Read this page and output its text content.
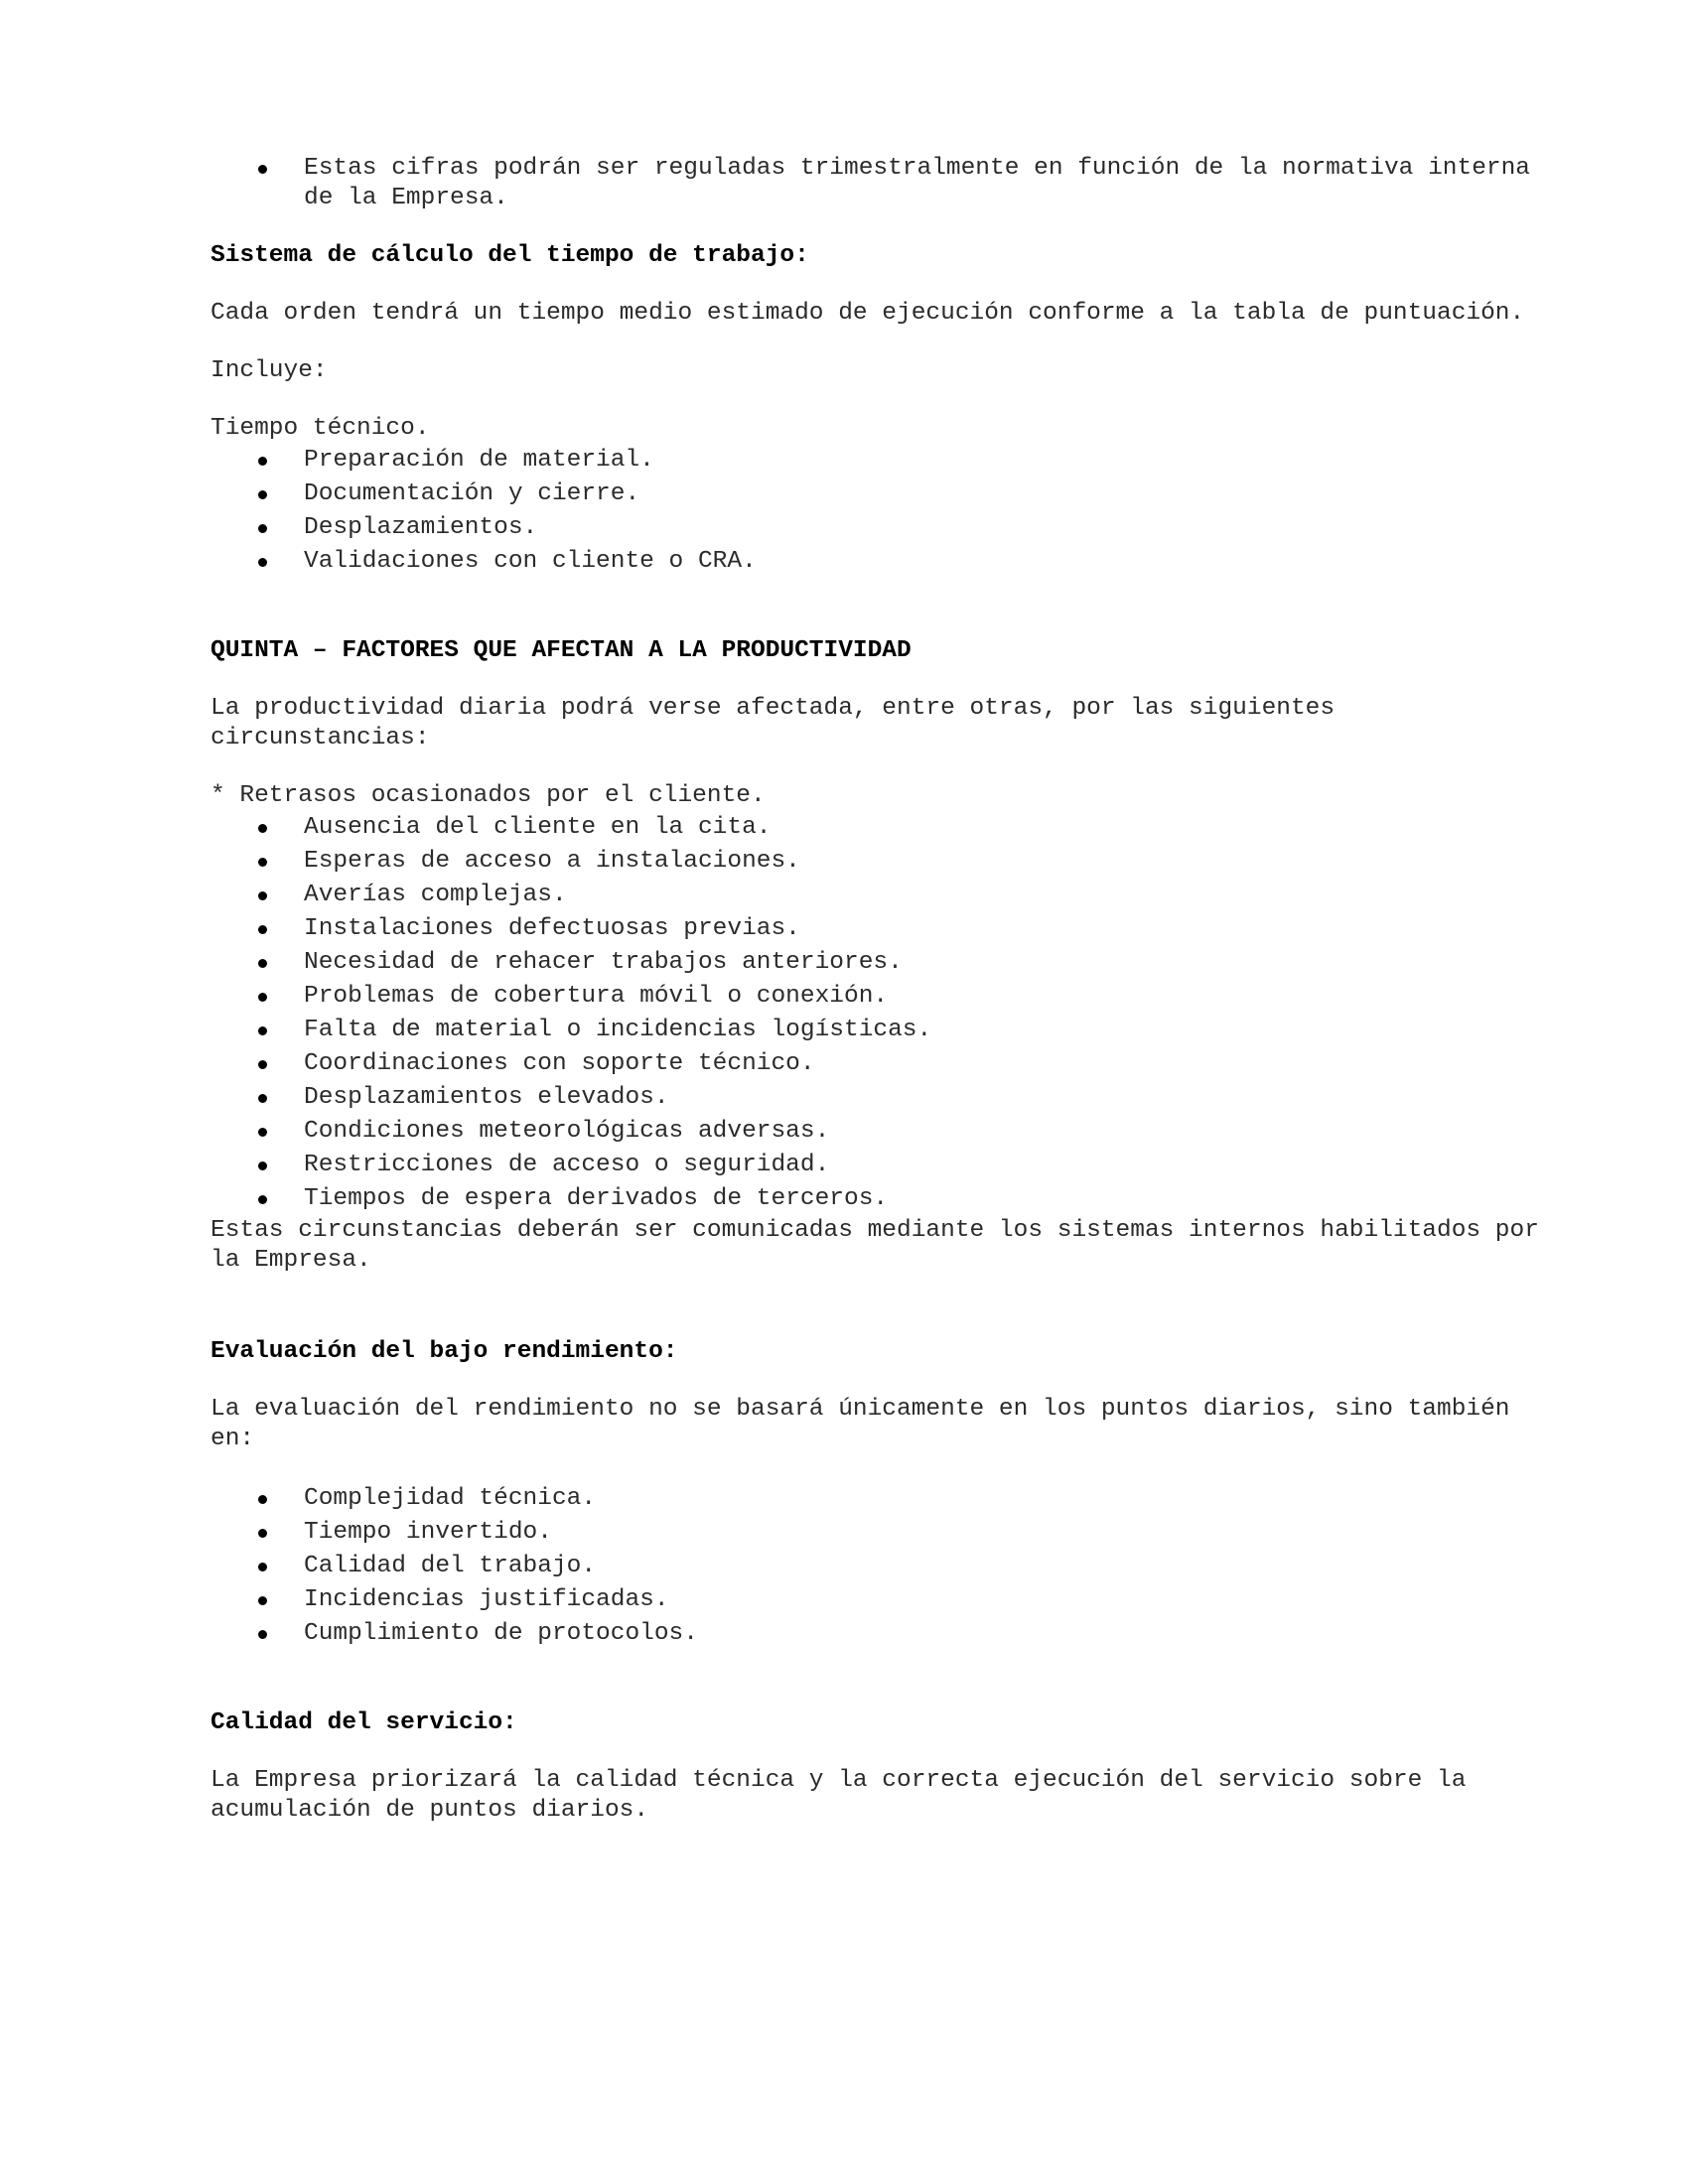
Estas cifras podrán ser reguladas trimestralmente en función de la normativa interna de la Empresa.

Sistema de cálculo del tiempo de trabajo:

Cada orden tendrá un tiempo medio estimado de ejecución conforme a la tabla de puntuación.

Incluye:

Tiempo técnico.

Preparación de material.
Documentación y cierre.
Desplazamientos.
Validaciones con cliente o CRA.

QUINTA – FACTORES QUE AFECTAN A LA PRODUCTIVIDAD

La productividad diaria podrá verse afectada, entre otras, por las siguientes circunstancias:

* Retrasos ocasionados por el cliente.

Ausencia del cliente en la cita.
Esperas de acceso a instalaciones.
Averías complejas.
Instalaciones defectuosas previas.
Necesidad de rehacer trabajos anteriores.
Problemas de cobertura móvil o conexión.
Falta de material o incidencias logísticas.
Coordinaciones con soporte técnico.
Desplazamientos elevados.
Condiciones meteorológicas adversas.
Restricciones de acceso o seguridad.
Tiempos de espera derivados de terceros.

Estas circunstancias deberán ser comunicadas mediante los sistemas internos habilitados por la Empresa.

Evaluación del bajo rendimiento:

La evaluación del rendimiento no se basará únicamente en los puntos diarios, sino también en:

Complejidad técnica.
Tiempo invertido.
Calidad del trabajo.
Incidencias justificadas.
Cumplimiento de protocolos.

Calidad del servicio:

La Empresa priorizará la calidad técnica y la correcta ejecución del servicio sobre la acumulación de puntos diarios.
